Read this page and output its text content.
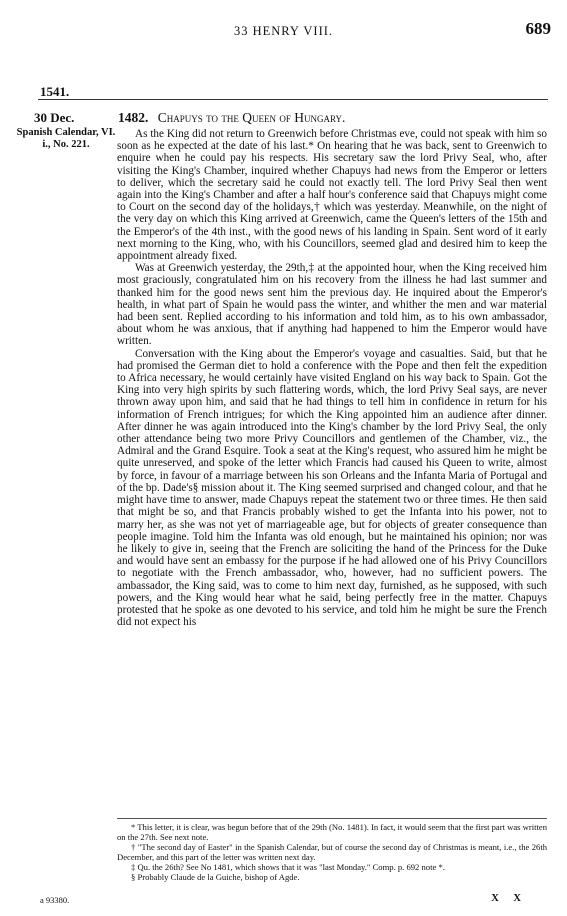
33 HENRY VIII.	689
1541.
30 Dec.	1482. Chapuys to the Queen of Hungary.
Spanish Calendar, VI. i., No. 221.

As the King did not return to Greenwich before Christmas eve, could not speak with him so soon as he expected at the date of his last.* On hearing that he was back, sent to Greenwich to enquire when he could pay his respects. His secretary saw the lord Privy Seal, who, after visiting the King's Chamber, inquired whether Chapuys had news from the Emperor or letters to deliver, which the secretary said he could not exactly tell. The lord Privy Seal then went again into the King's Chamber and after a half hour's conference said that Chapuys might come to Court on the second day of the holidays,† which was yesterday. Meanwhile, on the night of the very day on which this King arrived at Greenwich, came the Queen's letters of the 15th and the Emperor's of the 4th inst., with the good news of his landing in Spain. Sent word of it early next morning to the King, who, with his Councillors, seemed glad and desired him to keep the appointment already fixed.

Was at Greenwich yesterday, the 29th,‡ at the appointed hour, when the King received him most graciously, congratulated him on his recovery from the illness he had last summer and thanked him for the good news sent him the previous day. He inquired about the Emperor's health, in what part of Spain he would pass the winter, and whither the men and war material had been sent. Replied according to his information and told him, as to his own ambassador, about whom he was anxious, that if anything had happened to him the Emperor would have written.

Conversation with the King about the Emperor's voyage and casualties. Said, but that he had promised the German diet to hold a conference with the Pope and then felt the expedition to Africa necessary, he would certainly have visited England on his way back to Spain. Got the King into very high spirits by such flattering words, which, the lord Privy Seal says, are never thrown away upon him, and said that he had things to tell him in confidence in return for his information of French intrigues; for which the King appointed him an audience after dinner. After dinner he was again introduced into the King's chamber by the lord Privy Seal, the only other attendance being two more Privy Councillors and gentlemen of the Chamber, viz., the Admiral and the Grand Esquire. Took a seat at the King's request, who assured him he might be quite unreserved, and spoke of the letter which Francis had caused his Queen to write, almost by force, in favour of a marriage between his son Orleans and the Infanta Maria of Portugal and of the bp. Dade's§ mission about it. The King seemed surprised and changed colour, and that he might have time to answer, made Chapuys repeat the statement two or three times. He then said that might be so, and that Francis probably wished to get the Infanta into his power, not to marry her, as she was not yet of marriageable age, but for objects of greater consequence than people imagine. Told him the Infanta was old enough, but he maintained his opinion; nor was he likely to give in, seeing that the French are soliciting the hand of the Princess for the Duke and would have sent an embassy for the purpose if he had allowed one of his Privy Councillors to negotiate with the French ambassador, who, however, had no sufficient powers. The ambassador, the King said, was to come to him next day, furnished, as he supposed, with such powers, and the King would hear what he said, being perfectly free in the matter. Chapuys protested that he spoke as one devoted to his service, and told him he might be sure the French did not expect his

* This letter, it is clear, was begun before that of the 29th (No. 1481). In fact, it would seem that the first part was written on the 27th. See next note.

† "The second day of Easter" in the Spanish Calendar, but of course the second day of Christmas is meant, i.e., the 26th December, and this part of the letter was written next day.

‡ Qu. the 26th? See No 1481, which shows that it was "last Monday." Comp. p. 692 note *.

§ Probably Claude de la Guiche, bishop of Agde.

a 93380.	X X
